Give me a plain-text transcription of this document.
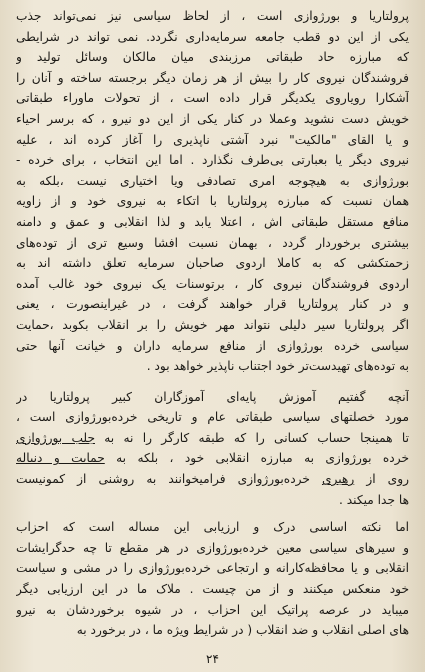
پرولتاریا و بورژوازی است ، از لحاظ سیاسی نیز نمی‌تواند جذب
یکی از این دو قطب جامعه سرمایه‌داری نگردد. نمی تواند در شرایطی
که مبارزه حاد طبقاتی مرزبندی میان مالکان وسائل تولید و
فروشندگان نیروی کار را بیش از هر زمان دیگر برجسته ساخته و آنان را
آشکارا رویاروی یکدیگر قرار داده است ، از تحولات ماوراء طبقاتی
خویش دست نشوید وعملا در کنار یکی از این دو نیرو ، که برسر احیاء
و یا القای "مالکیت" نبرد آشتی ناپذیری را آغاز کرده اند ، علیه
نیروی دیگر یا بعبارتی بی‌طرف نگذارد . اما این انتخاب ، برای خرده -
بورژوازی به هیچوجه امری تصادفی ویا اختیاری نیست ،بلکه به
همان نسبت که مبارزه پرولتاریا با اتکاء به نیروی خود و از زاویه
منافع مستقل طبقاتی اش ، اعتلا یابد و لذا انقلابی و عمق و دامنه
بیشتری برخوردار گردد ، بهمان نسبت افشا وسیع تری از توده‌های
زحمتکشی که به کاملا اردوی صاحبان سرمایه تعلق داشته اند به
اردوی فروشندگان نیروی کار ، برتوسنات یک نیروی خود غالب آمده
و در کنار پرولتاریا قرار خواهند گرفت ، در غیراینصورت ، یعنی
اگر پرولتاریا سیر دلیلی نتواند مهر خویش را بر انقلاب بکوبد ،حمایت
سیاسی خرده بورژوازی از منافع سرمایه داران و خیانت آنها حتی
به توده‌های تهیدست‌تر خود اجتناب ناپذیر خواهد بود .
آنچه گفتیم آموزش پایه‌ای آموزگاران کبیر پرولتاریا در
مورد خصلتهای سیاسی طبقاتی عام و تاریخی خرده‌بورژوازی است ،
تا همینجا حساب کسانی را که طبقه کارگر را نه به جلب بورژوازی
خرده بورژوازی به مبارزه انقلابی خود ، بلکه به حمایت و دنباله
روی از رهبری خرده‌بورژوازی فرامیخوانند به روشنی از کمونیست
ها جدا میکند .
اما نکته اساسی درک و ارزیابی این مساله است که احزاب
و سیرهای سیاسی معین خرده‌بورژوازی در هر مقطع تا چه حدگرایشات
انقلابی و یا محافظه‌کارانه و ارتجاعی خرده‌بورژوازی را در مشی و سیاست
خود منعکس میکنند و از من چیست . ملاک ما در این ارزیابی دیگر
میباید در عرصه پراتیک این احزاب ، در شیوه برخوردشان به نیرو
های اصلی انقلاب و ضد انقلاب ( در شرایط ویژه ما ، در برخورد به
۲۴
